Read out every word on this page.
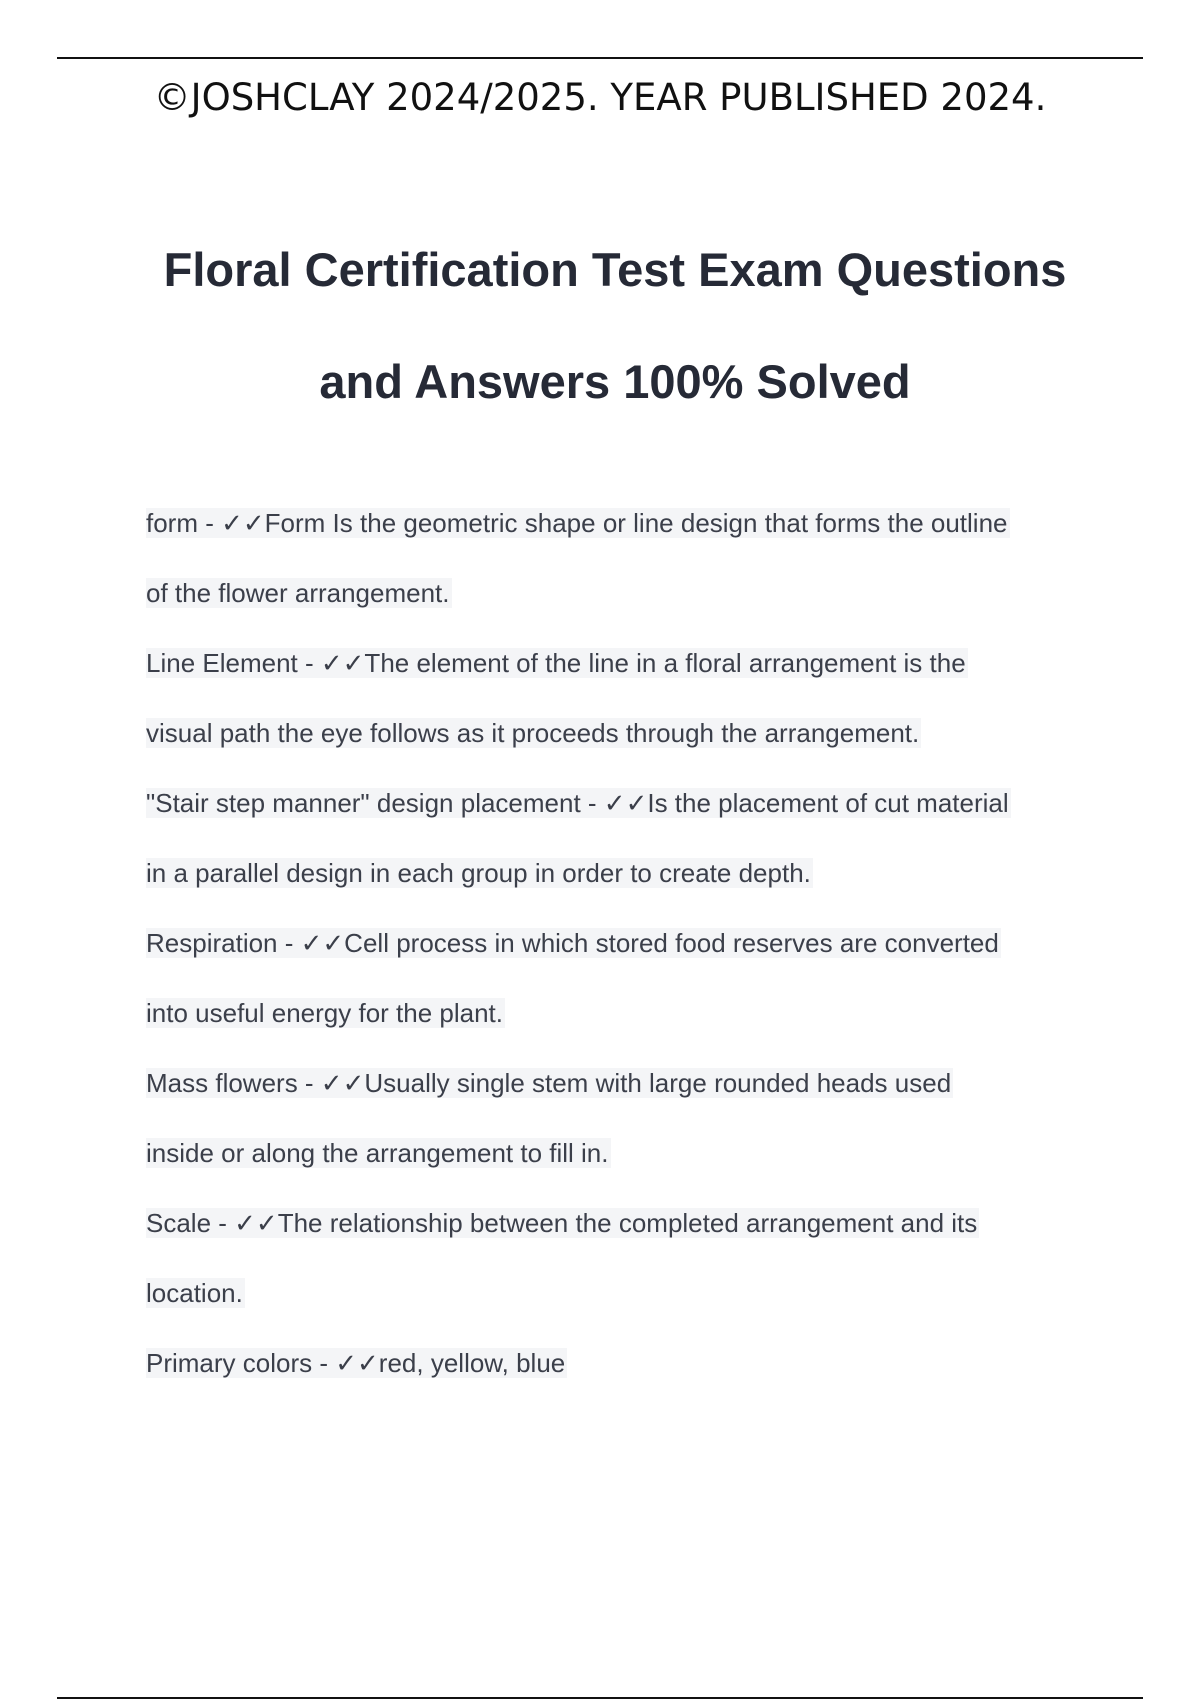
©JOSHCLAY 2024/2025. YEAR PUBLISHED 2024.
Floral Certification Test Exam Questions
and Answers 100% Solved
form - ✓✓Form Is the geometric shape or line design that forms the outline
of the flower arrangement.
Line Element - ✓✓The element of the line in a floral arrangement is the
visual path the eye follows as it proceeds through the arrangement.
"Stair step manner" design placement - ✓✓Is the placement of cut material
in a parallel design in each group in order to create depth.
Respiration - ✓✓Cell process in which stored food reserves are converted
into useful energy for the plant.
Mass flowers - ✓✓Usually single stem with large rounded heads used
inside or along the arrangement to fill in.
Scale - ✓✓The relationship between the completed arrangement and its
location.
Primary colors - ✓✓red, yellow, blue
